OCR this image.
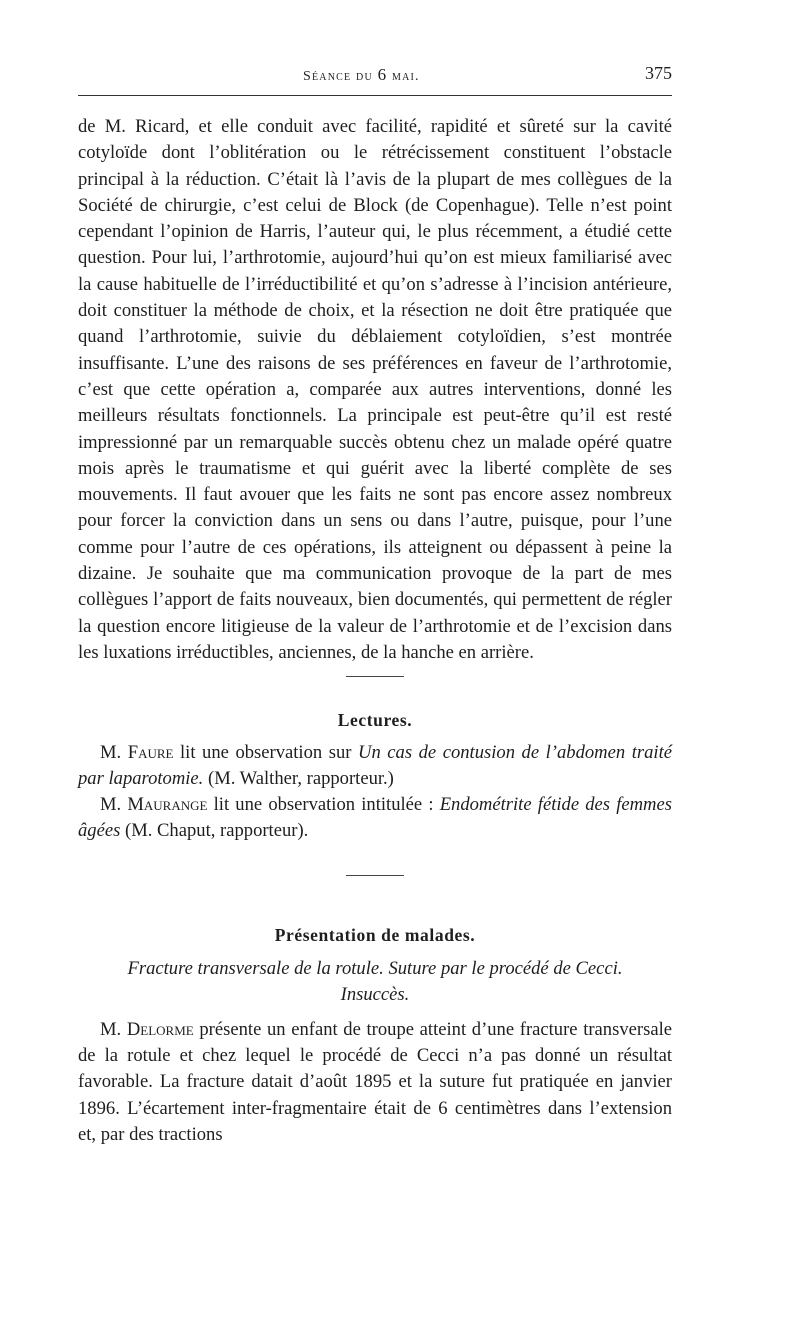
Séance du 6 mai.	375

de M. Ricard, et elle conduit avec facilité, rapidité et sûreté sur la cavité cotyloïde dont l’oblitération ou le rétrécissement constituent l’obstacle principal à la réduction. C’était là l’avis de la plupart de mes collègues de la Société de chirurgie, c’est celui de Block (de Copenhague). Telle n’est point cependant l’opinion de Harris, l’auteur qui, le plus récemment, a étudié cette question. Pour lui, l’arthrotomie, aujourd’hui qu’on est mieux familiarisé avec la cause habituelle de l’irréductibilité et qu’on s’adresse à l’incision antérieure, doit constituer la méthode de choix, et la résection ne doit être pratiquée que quand l’arthrotomie, suivie du déblaiement cotyloïdien, s’est montrée insuffisante. L’une des raisons de ses préférences en faveur de l’arthrotomie, c’est que cette opération a, comparée aux autres interventions, donné les meilleurs résultats fonctionnels. La principale est peut-être qu’il est resté impressionné par un remarquable succès obtenu chez un malade opéré quatre mois après le traumatisme et qui guérit avec la liberté complète de ses mouvements. Il faut avouer que les faits ne sont pas encore assez nombreux pour forcer la conviction dans un sens ou dans l’autre, puisque, pour l’une comme pour l’autre de ces opérations, ils atteignent ou dépassent à peine la dizaine. Je souhaite que ma communication provoque de la part de mes collègues l’apport de faits nouveaux, bien documentés, qui permettent de régler la question encore litigieuse de la valeur de l’arthrotomie et de l’excision dans les luxations irréductibles, anciennes, de la hanche en arrière.

Lectures.

M. Faure lit une observation sur Un cas de contusion de l’abdomen traité par laparotomie. (M. Walther, rapporteur.)

M. Maurange lit une observation intitulée : Endométrite fétide des femmes âgées (M. Chaput, rapporteur).

Présentation de malades.
Fracture transversale de la rotule. Suture par le procédé de Cecci.
Insuccès.

M. Delorme présente un enfant de troupe atteint d’une fracture transversale de la rotule et chez lequel le procédé de Cecci n’a pas donné un résultat favorable. La fracture datait d’août 1895 et la suture fut pratiquée en janvier 1896. L’écartement inter-fragmentaire était de 6 centimètres dans l’extension et, par des tractions
